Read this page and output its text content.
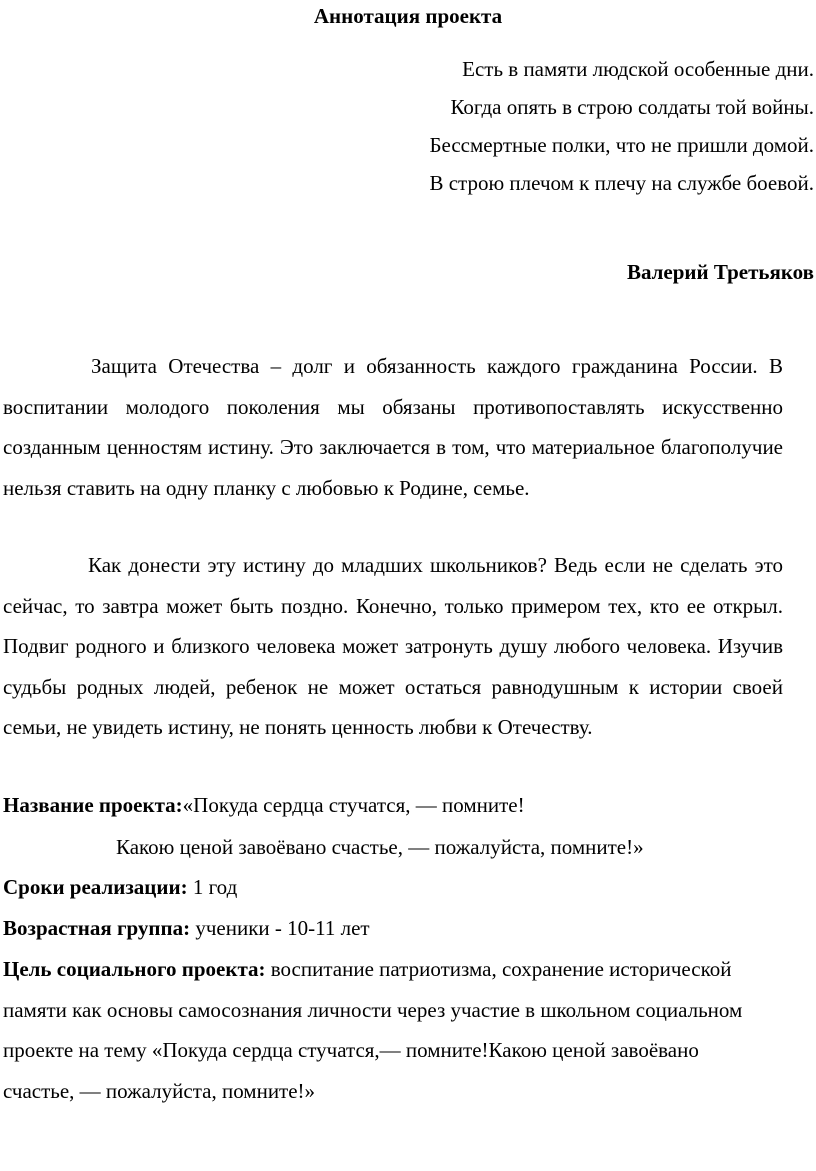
Аннотация проекта
Есть в памяти людской особенные дни.
Когда опять в строю солдаты той войны.
Бессмертные полки, что не пришли домой.
В строю плечом к плечу на службе боевой.
Валерий Третьяков

Защита Отечества – долг и обязанность каждого гражданина России. В воспитании молодого поколения мы обязаны противопоставлять искусственно созданным ценностям истину. Это заключается в том, что материальное благополучие нельзя ставить на одну планку с любовью к Родине, семье.

Как донести эту истину до младших школьников? Ведь если не сделать это сейчас, то завтра может быть поздно. Конечно, только примером тех, кто ее открыл. Подвиг родного и близкого человека может затронуть душу любого человека. Изучив судьбы родных людей, ребенок не может остаться равнодушным к истории своей семьи, не увидеть истину, не понять ценность любви к Отечеству.

Название проекта:«Покуда сердца стучатся, — помните!
Какою ценой завоёвано счастье, — пожалуйста, помните!»
Сроки реализации: 1 год
Возрастная группа: ученики - 10-11 лет
Цель социального проекта: воспитание патриотизма, сохранение исторической памяти как основы самосознания личности через участие в школьном социальном проекте на тему «Покуда сердца стучатся,— помните!Какою ценой завоёвано счастье, — пожалуйста, помните!»
